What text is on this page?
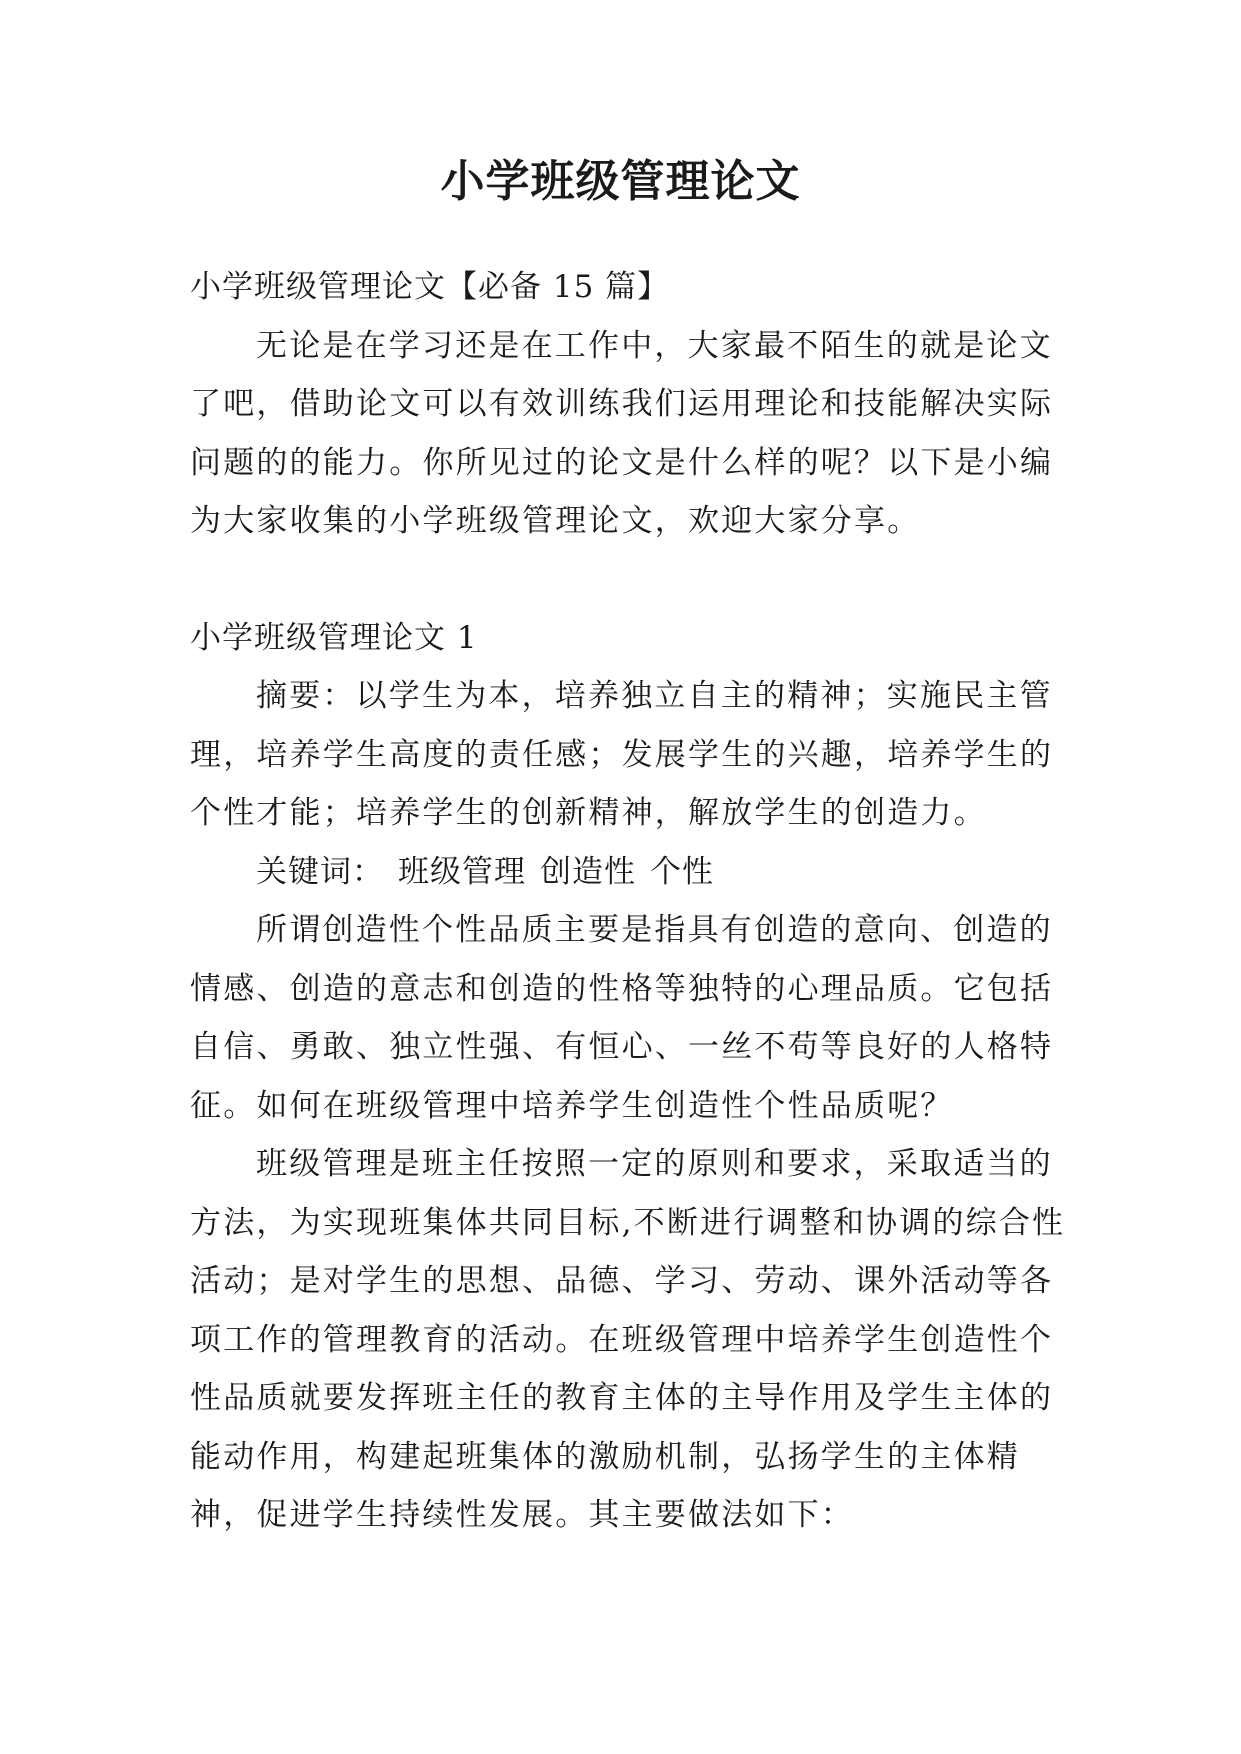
小学班级管理论文

小学班级管理论文【必备 15 篇】

无论是在学习还是在工作中，大家最不陌生的就是论文了吧，借助论文可以有效训练我们运用理论和技能解决实际问题的的能力。你所见过的论文是什么样的呢？以下是小编为大家收集的小学班级管理论文，欢迎大家分享。

小学班级管理论文 1

摘要：以学生为本，培养独立自主的精神；实施民主管理，培养学生高度的责任感；发展学生的兴趣，培养学生的个性才能；培养学生的创新精神，解放学生的创造力。

关键词： 班级管理 创造性 个性

所谓创造性个性品质主要是指具有创造的意向、创造的情感、创造的意志和创造的性格等独特的心理品质。它包括自信、勇敢、独立性强、有恒心、一丝不苟等良好的人格特征。如何在班级管理中培养学生创造性个性品质呢？

班级管理是班主任按照一定的原则和要求，采取适当的方法，为实现班集体共同目标,不断进行调整和协调的综合性活动；是对学生的思想、品德、学习、劳动、课外活动等各项工作的管理教育的活动。在班级管理中培养学生创造性个性品质就要发挥班主任的教育主体的主导作用及学生主体的能动作用，构建起班集体的激励机制，弘扬学生的主体精神，促进学生持续性发展。其主要做法如下：
